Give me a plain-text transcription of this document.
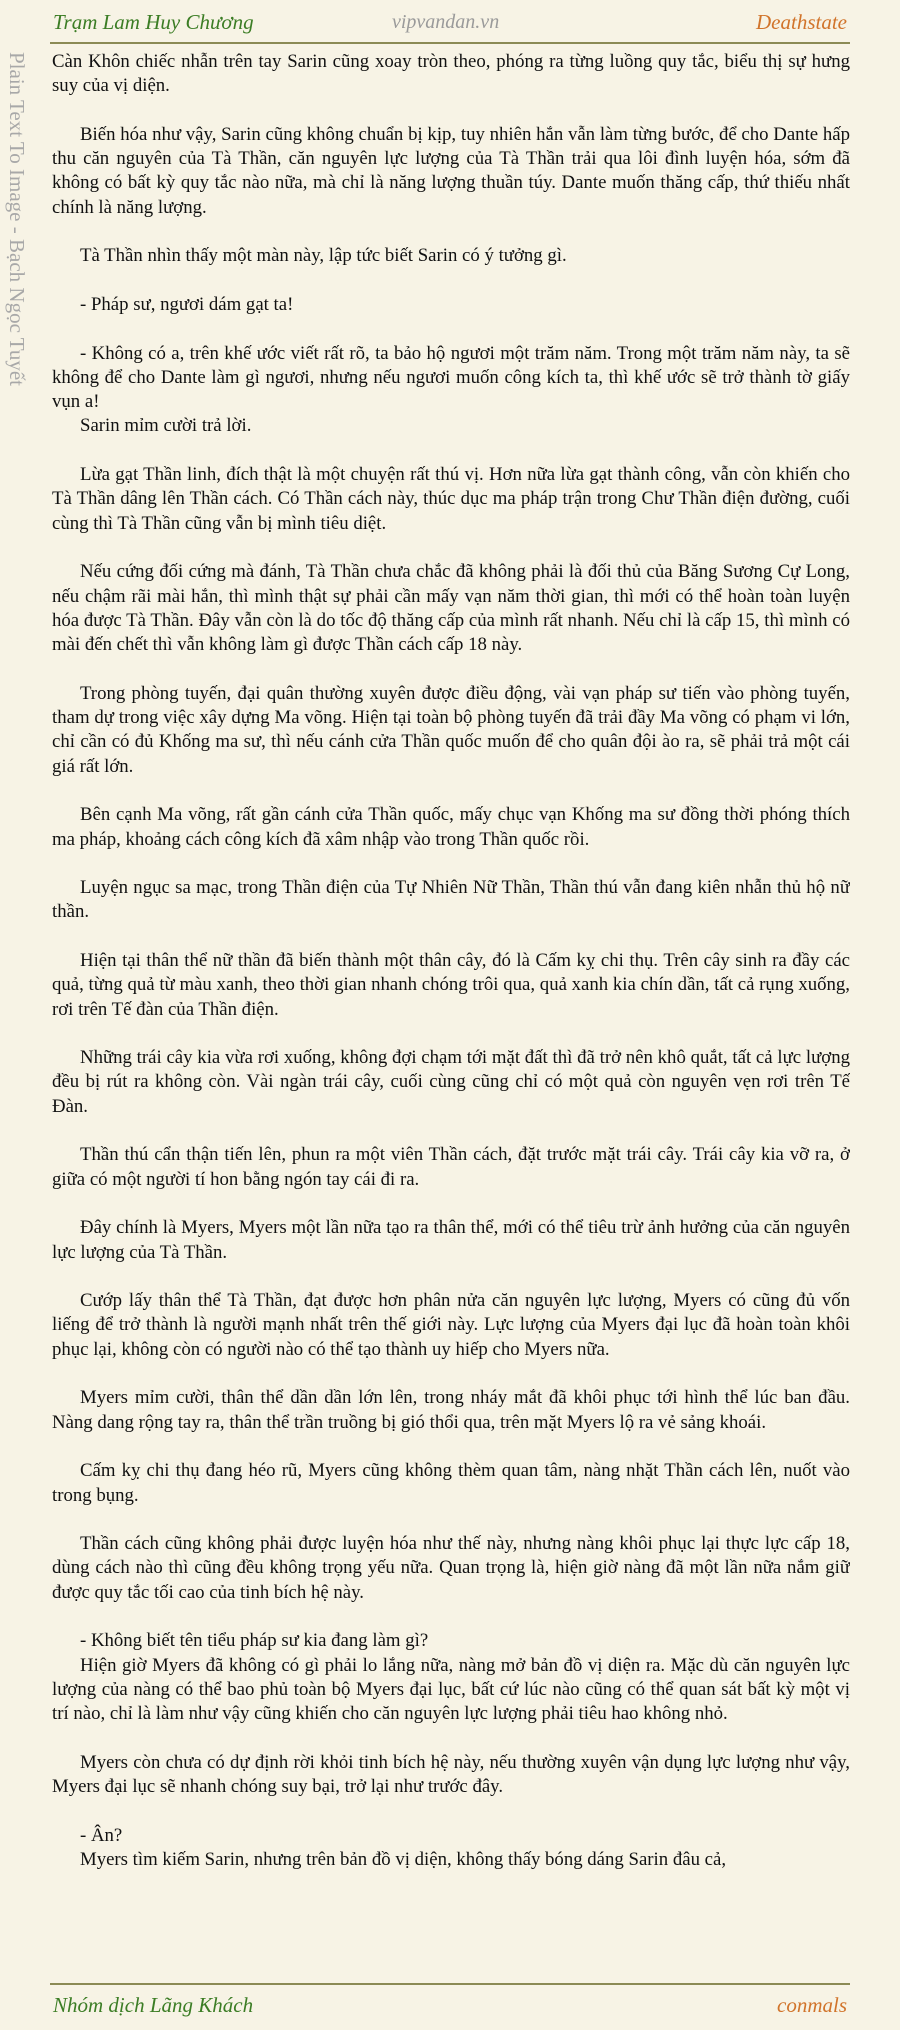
Trạm Lam Huy Chương	vipvandan.vn	Deathstate
Plain Text To Image - Bạch Ngọc Tuyết Càn Khôn chiếc nhẫn trên tay Sarin cũng xoay tròn theo, phóng ra từng luồng quy tắc, biểu thị sự hưng suy của vị diện.

Biến hóa như vậy, Sarin cũng không chuẩn bị kịp, tuy nhiên hắn vẫn làm từng bước, để cho Dante hấp thu căn nguyên của Tà Thần, căn nguyên lực lượng của Tà Thần trải qua lôi đình luyện hóa, sớm đã không có bất kỳ quy tắc nào nữa, mà chỉ là năng lượng thuần túy. Dante muốn thăng cấp, thứ thiếu nhất chính là năng lượng.

Tà Thần nhìn thấy một màn này, lập tức biết Sarin có ý tưởng gì.

- Pháp sư, ngươi dám gạt ta!

- Không có a, trên khế ước viết rất rõ, ta bảo hộ ngươi một trăm năm. Trong một trăm năm này, ta sẽ không để cho Dante làm gì ngươi, nhưng nếu ngươi muốn công kích ta, thì khế ước sẽ trở thành tờ giấy vụn a!

Sarin mỉm cười trả lời.

Lừa gạt Thần linh, đích thật là một chuyện rất thú vị. Hơn nữa lừa gạt thành công, vẫn còn khiến cho Tà Thần dâng lên Thần cách. Có Thần cách này, thúc dục ma pháp trận trong Chư Thần điện đường, cuối cùng thì Tà Thần cũng vẫn bị mình tiêu diệt.

Nếu cứng đối cứng mà đánh, Tà Thần chưa chắc đã không phải là đối thủ của Băng Sương Cự Long, nếu chậm rãi mài hắn, thì mình thật sự phải cần mấy vạn năm thời gian, thì mới có thể hoàn toàn luyện hóa được Tà Thần. Đây vẫn còn là do tốc độ thăng cấp của mình rất nhanh. Nếu chỉ là cấp 15, thì mình có mài đến chết thì vẫn không làm gì được Thần cách cấp 18 này.

Trong phòng tuyến, đại quân thường xuyên được điều động, vài vạn pháp sư tiến vào phòng tuyến, tham dự trong việc xây dựng Ma võng. Hiện tại toàn bộ phòng tuyến đã trải đầy Ma võng có phạm vi lớn, chỉ cần có đủ Khống ma sư, thì nếu cánh cửa Thần quốc muốn để cho quân đội ào ra, sẽ phải trả một cái giá rất lớn.

Bên cạnh Ma võng, rất gần cánh cửa Thần quốc, mấy chục vạn Khống ma sư đồng thời phóng thích ma pháp, khoảng cách công kích đã xâm nhập vào trong Thần quốc rồi.

Luyện ngục sa mạc, trong Thần điện của Tự Nhiên Nữ Thần, Thần thú vẫn đang kiên nhẫn thủ hộ nữ thần.

Hiện tại thân thể nữ thần đã biến thành một thân cây, đó là Cấm kỵ chi thụ. Trên cây sinh ra đầy các quả, từng quả từ màu xanh, theo thời gian nhanh chóng trôi qua, quả xanh kia chín dần, tất cả rụng xuống, rơi trên Tế đàn của Thần điện.

Những trái cây kia vừa rơi xuống, không đợi chạm tới mặt đất thì đã trở nên khô quắt, tất cả lực lượng đều bị rút ra không còn. Vài ngàn trái cây, cuối cùng cũng chỉ có một quả còn nguyên vẹn rơi trên Tế Đàn.

Thần thú cẩn thận tiến lên, phun ra một viên Thần cách, đặt trước mặt trái cây. Trái cây kia vỡ ra, ở giữa có một người tí hon bằng ngón tay cái đi ra.

Đây chính là Myers, Myers một lần nữa tạo ra thân thể, mới có thể tiêu trừ ảnh hưởng của căn nguyên lực lượng của Tà Thần.

Cướp lấy thân thể Tà Thần, đạt được hơn phân nửa căn nguyên lực lượng, Myers có cũng đủ vốn liếng để trở thành là người mạnh nhất trên thế giới này. Lực lượng của Myers đại lục đã hoàn toàn khôi phục lại, không còn có người nào có thể tạo thành uy hiếp cho Myers nữa.

Myers mỉm cười, thân thể dần dần lớn lên, trong nháy mắt đã khôi phục tới hình thể lúc ban đầu. Nàng dang rộng tay ra, thân thể trần truồng bị gió thổi qua, trên mặt Myers lộ ra vẻ sảng khoái.

Cấm kỵ chi thụ đang héo rũ, Myers cũng không thèm quan tâm, nàng nhặt Thần cách lên, nuốt vào trong bụng.

Thần cách cũng không phải được luyện hóa như thế này, nhưng nàng khôi phục lại thực lực cấp 18, dùng cách nào thì cũng đều không trọng yếu nữa. Quan trọng là, hiện giờ nàng đã một lần nữa nắm giữ được quy tắc tối cao của tinh bích hệ này.

- Không biết tên tiểu pháp sư kia đang làm gì?

Hiện giờ Myers đã không có gì phải lo lắng nữa, nàng mở bản đồ vị diện ra. Mặc dù căn nguyên lực lượng của nàng có thể bao phủ toàn bộ Myers đại lục, bất cứ lúc nào cũng có thể quan sát bất kỳ một vị trí nào, chỉ là làm như vậy cũng khiến cho căn nguyên lực lượng phải tiêu hao không nhỏ.

Myers còn chưa có dự định rời khỏi tinh bích hệ này, nếu thường xuyên vận dụng lực lượng như vậy, Myers đại lục sẽ nhanh chóng suy bại, trở lại như trước đây.

- Ân?

Myers tìm kiếm Sarin, nhưng trên bản đồ vị diện, không thấy bóng dáng Sarin đâu cả,

Nhóm dịch Lãng Khách	conmals
